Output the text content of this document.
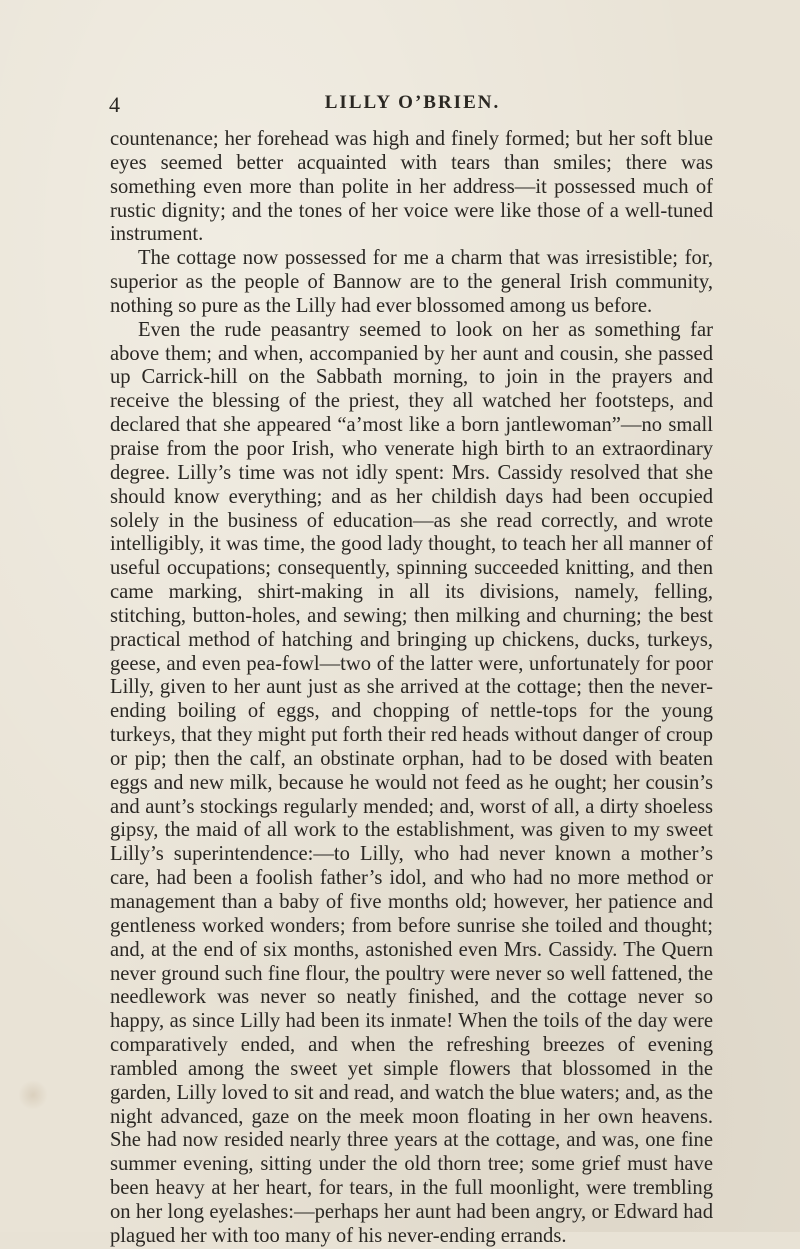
4	LILLY O’BRIEN.

countenance; her forehead was high and finely formed; but her soft blue eyes seemed better acquainted with tears than smiles; there was something even more than polite in her address—it possessed much of rustic dignity; and the tones of her voice were like those of a well-tuned instrument.

The cottage now possessed for me a charm that was irresistible; for, superior as the people of Bannow are to the general Irish community, nothing so pure as the Lilly had ever blossomed among us before.

Even the rude peasantry seemed to look on her as something far above them; and when, accompanied by her aunt and cousin, she passed up Carrick-hill on the Sabbath morning, to join in the prayers and receive the blessing of the priest, they all watched her footsteps, and declared that she appeared “a’most like a born jantlewoman”—no small praise from the poor Irish, who venerate high birth to an extraordinary degree. Lilly’s time was not idly spent: Mrs. Cassidy resolved that she should know everything; and as her childish days had been occupied solely in the business of education—as she read correctly, and wrote intelligibly, it was time, the good lady thought, to teach her all manner of useful occupations; consequently, spinning succeeded knitting, and then came marking, shirt-making in all its divisions, namely, felling, stitching, button-holes, and sewing; then milking and churning; the best practical method of hatching and bringing up chickens, ducks, turkeys, geese, and even pea-fowl—two of the latter were, unfortunately for poor Lilly, given to her aunt just as she arrived at the cottage; then the never-ending boiling of eggs, and chopping of nettle-tops for the young turkeys, that they might put forth their red heads without danger of croup or pip; then the calf, an obstinate orphan, had to be dosed with beaten eggs and new milk, because he would not feed as he ought; her cousin’s and aunt’s stockings regularly mended; and, worst of all, a dirty shoeless gipsy, the maid of all work to the establishment, was given to my sweet Lilly’s superintendence:—to Lilly, who had never known a mother’s care, had been a foolish father’s idol, and who had no more method or management than a baby of five months old; however, her patience and gentleness worked wonders; from before sunrise she toiled and thought; and, at the end of six months, astonished even Mrs. Cassidy. The Quern never ground such fine flour, the poultry were never so well fattened, the needlework was never so neatly finished, and the cottage never so happy, as since Lilly had been its inmate! When the toils of the day were comparatively ended, and when the refreshing breezes of evening rambled among the sweet yet simple flowers that blossomed in the garden, Lilly loved to sit and read, and watch the blue waters; and, as the night advanced, gaze on the meek moon floating in her own heavens. She had now resided nearly three years at the cottage, and was, one fine summer evening, sitting under the old thorn tree; some grief must have been heavy at her heart, for tears, in the full moonlight, were trembling on her long eyelashes:—perhaps her aunt had been angry, or Edward had plagued her with too many of his never-ending errands.
